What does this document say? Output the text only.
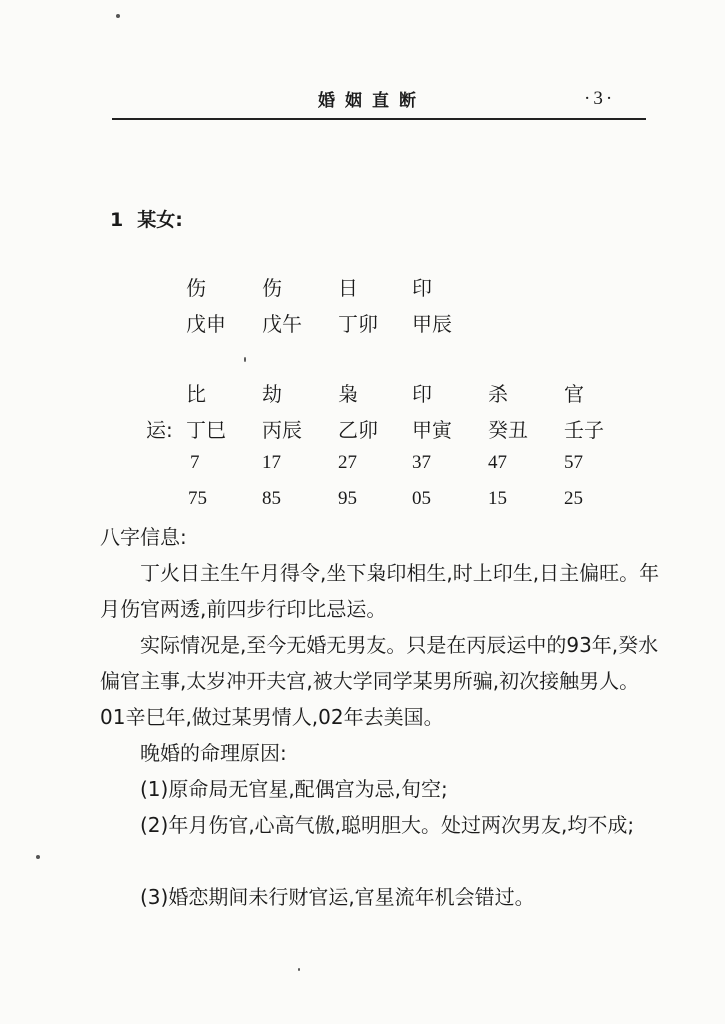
婚姻直断	·3·
1 某女:
伤	伤	日	印
戊申 戊午 丁卯 甲辰
比	劫	枭	印	杀	官
运: 丁巳 丙辰 乙卯 甲寅 癸丑 壬子
7	17	27	37	47	57
75	85	95	05	15	25
八字信息:
丁火日主生午月得令,坐下枭印相生,时上印生,日主偏旺。年月伤官两透,前四步行印比忌运。
实际情况是,至今无婚无男友。只是在丙辰运中的93年,癸水偏官主事,太岁冲开夫宫,被大学同学某男所骗,初次接触男人。01辛巳年,做过某男情人,02年去美国。
晚婚的命理原因:
(1)原命局无官星,配偶宫为忌,旬空;
(2)年月伤官,心高气傲,聪明胆大。处过两次男友,均不成;
(3)婚恋期间未行财官运,官星流年机会错过。
